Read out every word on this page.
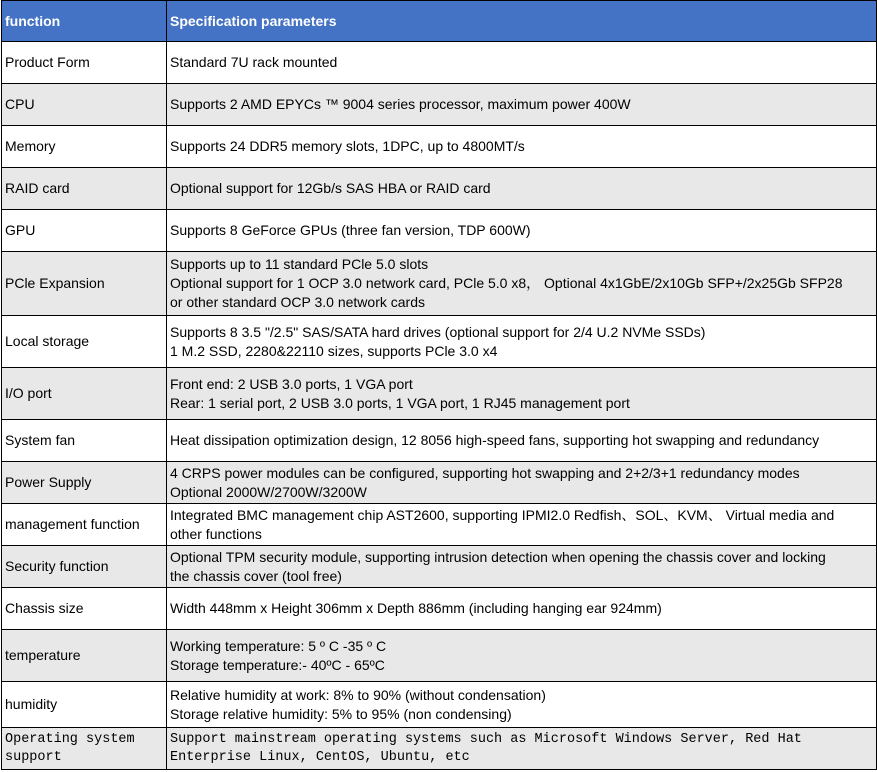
function	Specification parameters
Product Form	Standard 7U rack mounted

CPU	Supports 2 AMD EPYCs ™ 9004 series processor, maximum power 400W

Memory	Supports 24 DDR5 memory slots, 1DPC, up to 4800MT/s

RAID card	Optional support for 12Gb/s SAS HBA or RAID card

GPU	Supports 8 GeForce GPUs (three fan version, TDP 600W)

PCle Expansion	Supports up to 11 standard PCle 5.0 slots
Optional support for 1 OCP 3.0 network card, PCle 5.0 x8， Optional 4x1GbE/2x10Gb SFP+/2x25Gb SFP28
or other standard OCP 3.0 network cards

Local storage	Supports 8 3.5 "/2.5" SAS/SATA hard drives (optional support for 2/4 U.2 NVMe SSDs)
1 M.2 SSD, 2280&22110 sizes, supports PCle 3.0 x4

I/O port	Front end: 2 USB 3.0 ports, 1 VGA port
Rear: 1 serial port, 2 USB 3.0 ports, 1 VGA port, 1 RJ45 management port

System fan	Heat dissipation optimization design, 12 8056 high-speed fans, supporting hot swapping and redundancy

Power Supply	4 CRPS power modules can be configured, supporting hot swapping and 2+2/3+1 redundancy modes
Optional 2000W/2700W/3200W

management function	Integrated BMC management chip AST2600, supporting IPMI2.0 Redfish、SOL、KVM、 Virtual media and
other functions

Security function	Optional TPM security module, supporting intrusion detection when opening the chassis cover and locking
the chassis cover (tool free)

Chassis size	Width 448mm x Height 306mm x Depth 886mm (including hanging ear 924mm)

temperature	Working temperature: 5 º C -35 º C
Storage temperature:- 40ºC - 65ºC

humidity	Relative humidity at work: 8% to 90% (without condensation)
Storage relative humidity: 5% to 95% (non condensing)

Operating system support	Support mainstream operating systems such as Microsoft Windows Server, Red Hat Enterprise Linux, CentOS, Ubuntu, etc
